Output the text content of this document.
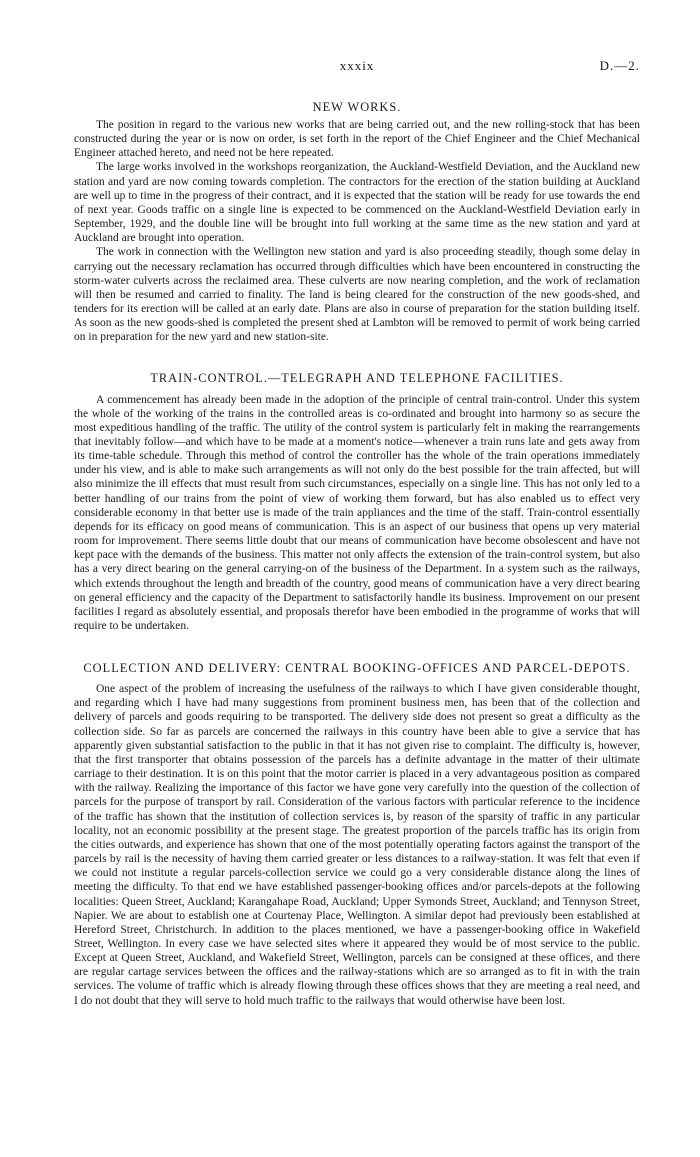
xxxix	D.—2.
NEW WORKS.

The position in regard to the various new works that are being carried out, and the new rolling-stock that has been constructed during the year or is now on order, is set forth in the report of the Chief Engineer and the Chief Mechanical Engineer attached hereto, and need not be here repeated.

The large works involved in the workshops reorganization, the Auckland-Westfield Deviation, and the Auckland new station and yard are now coming towards completion. The contractors for the erection of the station building at Auckland are well up to time in the progress of their contract, and it is expected that the station will be ready for use towards the end of next year. Goods traffic on a single line is expected to be commenced on the Auckland-Westfield Deviation early in September, 1929, and the double line will be brought into full working at the same time as the new station and yard at Auckland are brought into operation.

The work in connection with the Wellington new station and yard is also proceeding steadily, though some delay in carrying out the necessary reclamation has occurred through difficulties which have been encountered in constructing the storm-water culverts across the reclaimed area. These culverts are now nearing completion, and the work of reclamation will then be resumed and carried to finality. The land is being cleared for the construction of the new goods-shed, and tenders for its erection will be called at an early date. Plans are also in course of preparation for the station building itself. As soon as the new goods-shed is completed the present shed at Lambton will be removed to permit of work being carried on in preparation for the new yard and new station-site.

TRAIN-CONTROL.—TELEGRAPH AND TELEPHONE FACILITIES.

A commencement has already been made in the adoption of the principle of central train-control. Under this system the whole of the working of the trains in the controlled areas is co-ordinated and brought into harmony so as secure the most expeditious handling of the traffic. The utility of the control system is particularly felt in making the rearrangements that inevitably follow—and which have to be made at a moment's notice—whenever a train runs late and gets away from its time-table schedule. Through this method of control the controller has the whole of the train operations immediately under his view, and is able to make such arrangements as will not only do the best possible for the train affected, but will also minimize the ill effects that must result from such circumstances, especially on a single line. This has not only led to a better handling of our trains from the point of view of working them forward, but has also enabled us to effect very considerable economy in that better use is made of the train appliances and the time of the staff. Train-control essentially depends for its efficacy on good means of communication. This is an aspect of our business that opens up very material room for improvement. There seems little doubt that our means of communication have become obsolescent and have not kept pace with the demands of the business. This matter not only affects the extension of the train-control system, but also has a very direct bearing on the general carrying-on of the business of the Department. In a system such as the railways, which extends throughout the length and breadth of the country, good means of communication have a very direct bearing on general efficiency and the capacity of the Department to satisfactorily handle its business. Improvement on our present facilities I regard as absolutely essential, and proposals therefor have been embodied in the programme of works that will require to be undertaken.

COLLECTION AND DELIVERY: CENTRAL BOOKING-OFFICES AND PARCEL-DEPOTS.

One aspect of the problem of increasing the usefulness of the railways to which I have given considerable thought, and regarding which I have had many suggestions from prominent business men, has been that of the collection and delivery of parcels and goods requiring to be transported. The delivery side does not present so great a difficulty as the collection side. So far as parcels are concerned the railways in this country have been able to give a service that has apparently given substantial satisfaction to the public in that it has not given rise to complaint. The difficulty is, however, that the first transporter that obtains possession of the parcels has a definite advantage in the matter of their ultimate carriage to their destination. It is on this point that the motor carrier is placed in a very advantageous position as compared with the railway. Realizing the importance of this factor we have gone very carefully into the question of the collection of parcels for the purpose of transport by rail. Consideration of the various factors with particular reference to the incidence of the traffic has shown that the institution of collection services is, by reason of the sparsity of traffic in any particular locality, not an economic possibility at the present stage. The greatest proportion of the parcels traffic has its origin from the cities outwards, and experience has shown that one of the most potentially operating factors against the transport of the parcels by rail is the necessity of having them carried greater or less distances to a railway-station. It was felt that even if we could not institute a regular parcels-collection service we could go a very considerable distance along the lines of meeting the difficulty. To that end we have established passenger-booking offices and/or parcels-depots at the following localities: Queen Street, Auckland; Karangahape Road, Auckland; Upper Symonds Street, Auckland; and Tennyson Street, Napier. We are about to establish one at Courtenay Place, Wellington. A similar depot had previously been established at Hereford Street, Christchurch. In addition to the places mentioned, we have a passenger-booking office in Wakefield Street, Wellington. In every case we have selected sites where it appeared they would be of most service to the public. Except at Queen Street, Auckland, and Wakefield Street, Wellington, parcels can be consigned at these offices, and there are regular cartage services between the offices and the railway-stations which are so arranged as to fit in with the train services. The volume of traffic which is already flowing through these offices shows that they are meeting a real need, and I do not doubt that they will serve to hold much traffic to the railways that would otherwise have been lost.
